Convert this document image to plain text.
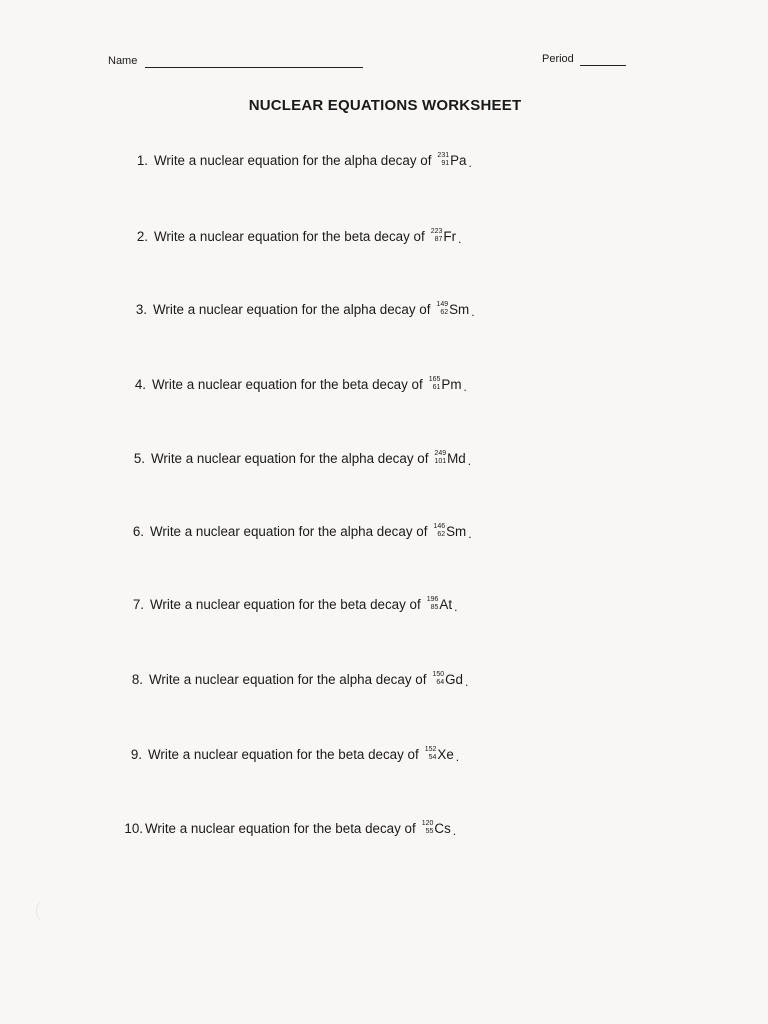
Name	Period
NUCLEAR EQUATIONS WORKSHEET
1. Write a nuclear equation for the alpha decay of 231
91 Pa .
2. Write a nuclear equation for the beta decay of 223
87 Fr .
3. Write a nuclear equation for the alpha decay of 149
62 Sm .
4. Write a nuclear equation for the beta decay of 165
61 Pm .
5. Write a nuclear equation for the alpha decay of 249
101 Md .
6. Write a nuclear equation for the alpha decay of 146
62 Sm .
7. Write a nuclear equation for the beta decay of 196
85 At .
8. Write a nuclear equation for the alpha decay of 150
64 Gd .
9. Write a nuclear equation for the beta decay of 152
54 Xe .
10. Write a nuclear equation for the beta decay of 120
55 Cs .
